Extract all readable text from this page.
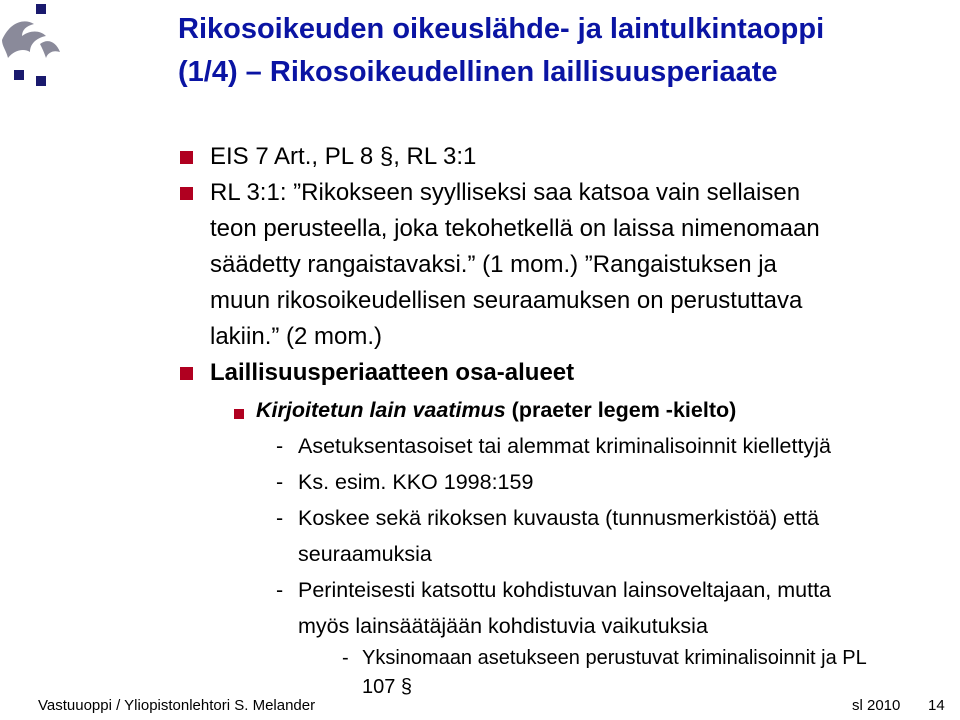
Rikosoikeuden oikeuslähde- ja laintulkintaoppi
(1/4) – Rikosoikeudellinen laillisuusperiaate
EIS 7 Art., PL 8 §, RL 3:1
RL 3:1: ”Rikokseen syylliseksi saa katsoa vain sellaisen
teon perusteella, joka tekohetkellä on laissa nimenomaan
säädetty rangaistavaksi.” (1 mom.) ”Rangaistuksen ja
muun rikosoikeudellisen seuraamuksen on perustuttava
lakiin.” (2 mom.)
Laillisuusperiaatteen osa-alueet
Kirjoitetun lain vaatimus (praeter legem -kielto)
- Asetuksentasoiset tai alemmat kriminalisoinnit kiellettyjä
- Ks. esim. KKO 1998:159
- Koskee sekä rikoksen kuvausta (tunnusmerkistöä) että
seuraamuksia
- Perinteisesti katsottu kohdistuvan lainsoveltajaan, mutta
myös lainsäätäjään kohdistuvia vaikutuksia
- Yksinomaan asetukseen perustuvat kriminalisoinnit ja PL
107 §
Vastuuoppi / Yliopistonlehtori S. Melander	sl 2010 14
